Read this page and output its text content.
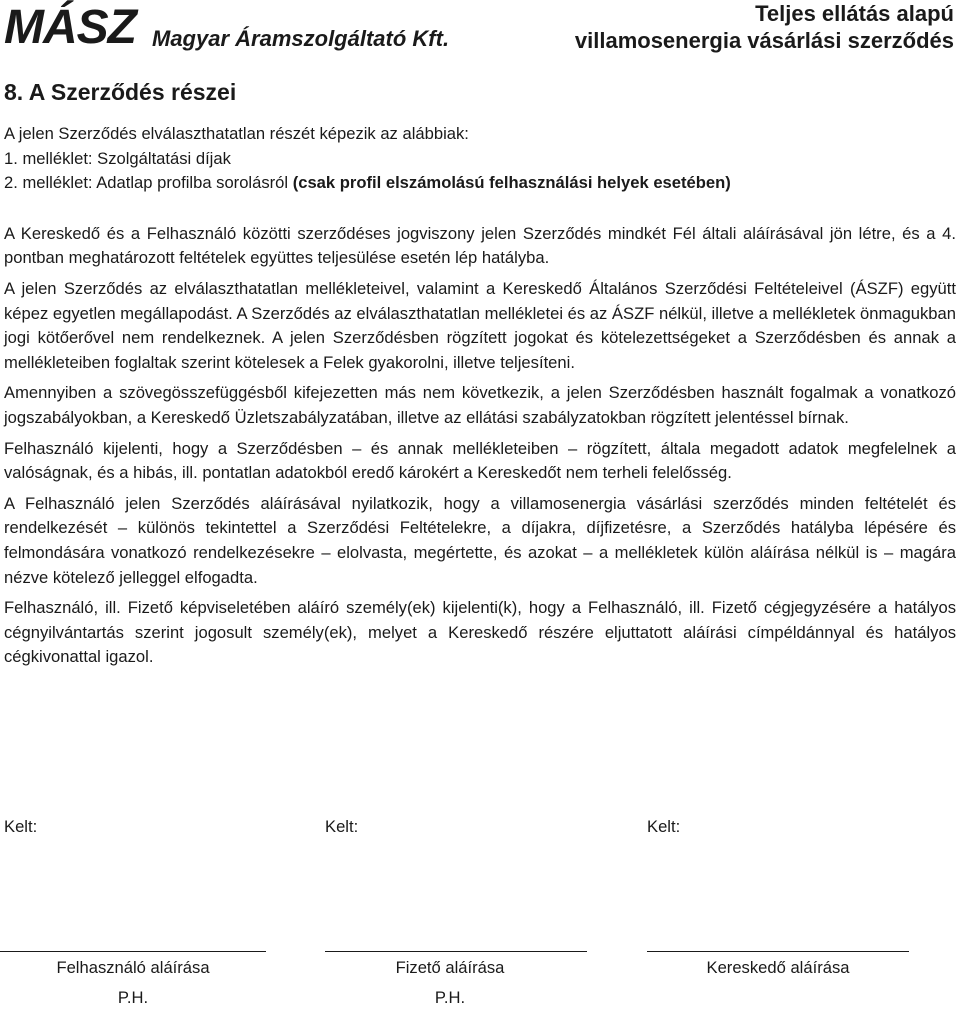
MÁSZ Magyar Áramszolgáltató Kft.
Teljes ellátás alapú
villamosenergia vásárlási szerződés
8. A Szerződés részei

A jelen Szerződés elválaszthatatlan részét képezik az alábbiak:

1. melléklet: Szolgáltatási díjak

2. melléklet: Adatlap profilba sorolásról (csak profil elszámolású felhasználási helyek esetében)

A Kereskedő és a Felhasználó közötti szerződéses jogviszony jelen Szerződés mindkét Fél általi aláírásával jön létre, és a 4. pontban meghatározott feltételek együttes teljesülése esetén lép hatályba.

A jelen Szerződés az elválaszthatatlan mellékleteivel, valamint a Kereskedő Általános Szerződési Feltételeivel (ÁSZF) együtt képez egyetlen megállapodást. A Szerződés az elválaszthatatlan mellékletei és az ÁSZF nélkül, illetve a mellékletek önmagukban jogi kötőerővel nem rendelkeznek. A jelen Szerződésben rögzített jogokat és kötelezettségeket a Szerződésben és annak a mellékleteiben foglaltak szerint kötelesek a Felek gyakorolni, illetve teljesíteni.

Amennyiben a szövegösszefüggésből kifejezetten más nem következik, a jelen Szerződésben használt fogalmak a vonatkozó jogszabályokban, a Kereskedő Üzletszabályzatában, illetve az ellátási szabályzatokban rögzített jelentéssel bírnak.

Felhasználó kijelenti, hogy a Szerződésben – és annak mellékleteiben – rögzített, általa megadott adatok megfelelnek a valóságnak, és a hibás, ill. pontatlan adatokból eredő károkért a Kereskedőt nem terheli felelősség.

A Felhasználó jelen Szerződés aláírásával nyilatkozik, hogy a villamosenergia vásárlási szerződés minden feltételét és rendelkezését – különös tekintettel a Szerződési Feltételekre, a díjakra, díjfizetésre, a Szerződés hatályba lépésére és felmondására vonatkozó rendelkezésekre – elolvasta, megértette, és azokat – a mellékletek külön aláírása nélkül is – magára nézve kötelező jelleggel elfogadta.

Felhasználó, ill. Fizető képviseletében aláíró személy(ek) kijelenti(k), hogy a Felhasználó, ill. Fizető cégjegyzésére a hatályos cégnyilvántartás szerint jogosult személy(ek), melyet a Kereskedő részére eljuttatott aláírási címpéldánnyal és hatályos cégkivonattal igazol.

Kelt:
Felhasználó aláírása
P.H.
Kelt:
Fizető aláírása
P.H.
Kelt:
Kereskedő aláírása
